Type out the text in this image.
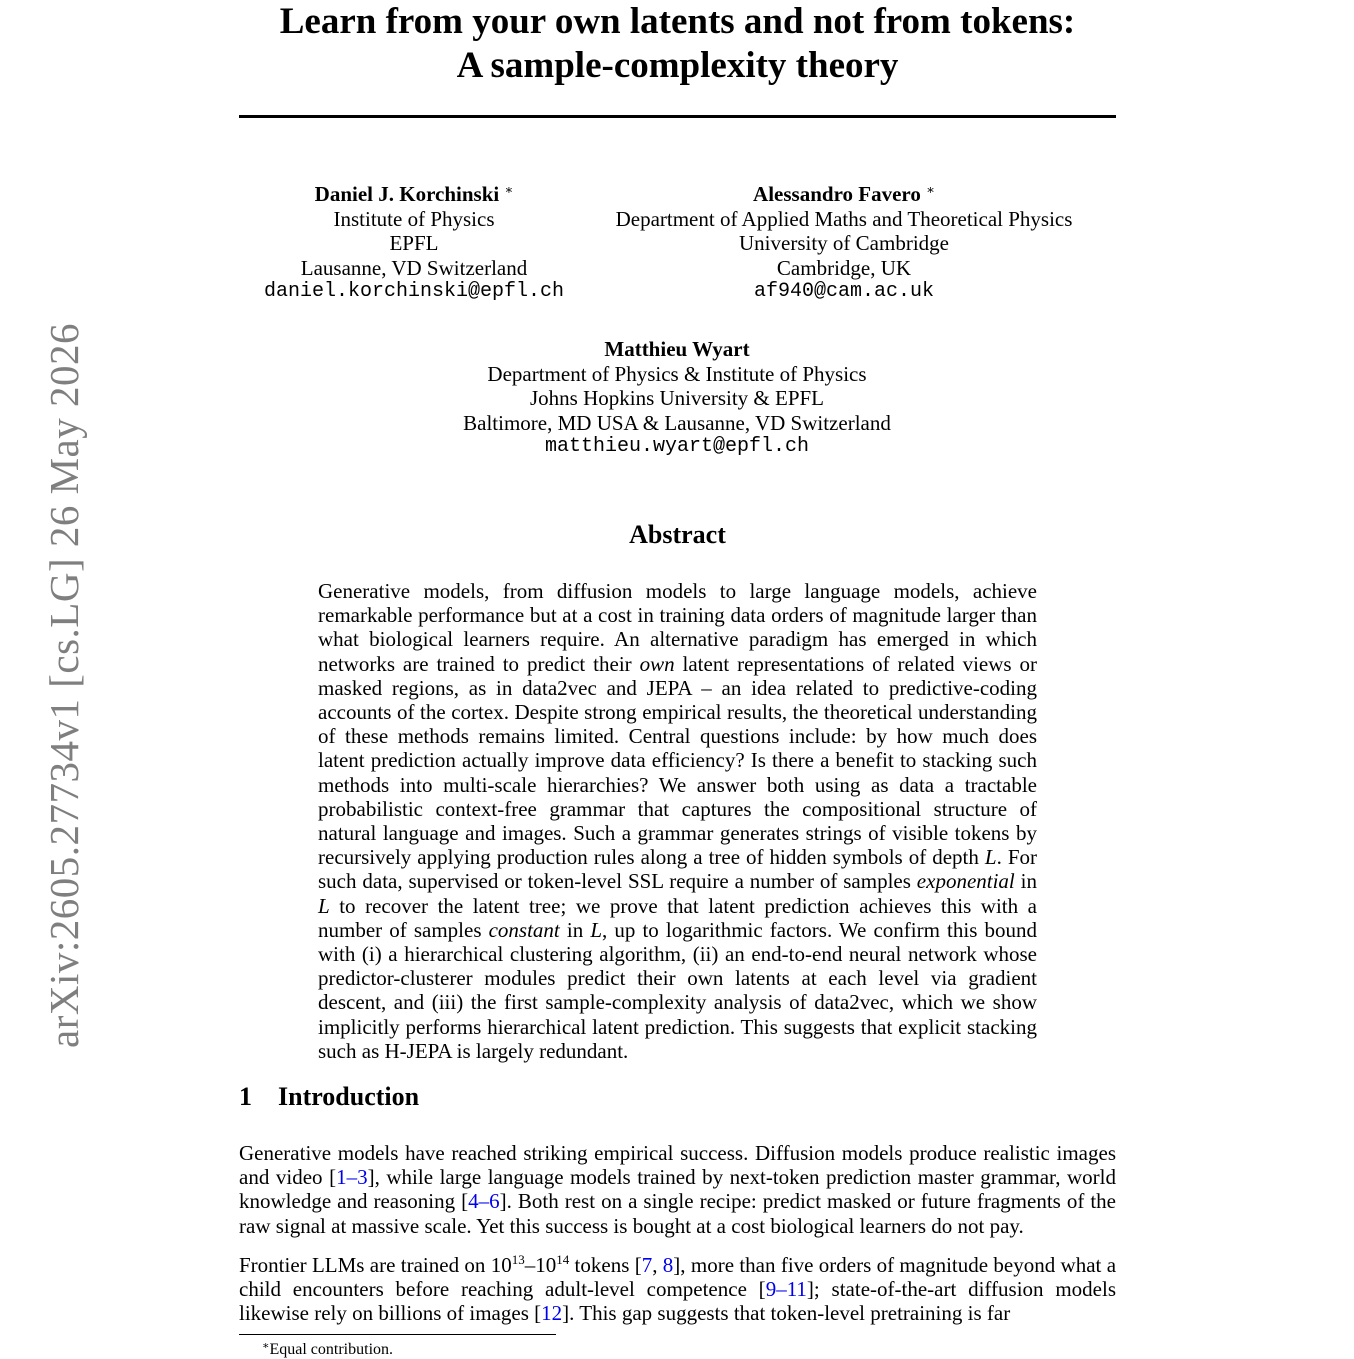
arXiv:2605.27734v1 [cs.LG] 26 May 2026
Learn from your own latents and not from tokens:
A sample-complexity theory
Daniel J. Korchinski ∗
Institute of Physics
EPFL
Lausanne, VD Switzerland
daniel.korchinski@epfl.ch
Alessandro Favero ∗
Department of Applied Maths and Theoretical Physics
University of Cambridge
Cambridge, UK
af940@cam.ac.uk
Matthieu Wyart
Department of Physics & Institute of Physics
Johns Hopkins University & EPFL
Baltimore, MD USA & Lausanne, VD Switzerland
matthieu.wyart@epfl.ch
Abstract
Generative models, from diffusion models to large language models, achieve remarkable performance but at a cost in training data orders of magnitude larger than what biological learners require. An alternative paradigm has emerged in which networks are trained to predict their own latent representations of related views or masked regions, as in data2vec and JEPA – an idea related to predictive-coding accounts of the cortex. Despite strong empirical results, the theoretical understanding of these methods remains limited. Central questions include: by how much does latent prediction actually improve data efficiency? Is there a benefit to stacking such methods into multi-scale hierarchies? We answer both using as data a tractable probabilistic context-free grammar that captures the compositional structure of natural language and images. Such a grammar generates strings of visible tokens by recursively applying production rules along a tree of hidden symbols of depth L. For such data, supervised or token-level SSL require a number of samples exponential in L to recover the latent tree; we prove that latent prediction achieves this with a number of samples constant in L, up to logarithmic factors. We confirm this bound with (i) a hierarchical clustering algorithm, (ii) an end-to-end neural network whose predictor-clusterer modules predict their own latents at each level via gradient descent, and (iii) the first sample-complexity analysis of data2vec, which we show implicitly performs hierarchical latent prediction. This suggests that explicit stacking such as H-JEPA is largely redundant.
1 Introduction
Generative models have reached striking empirical success. Diffusion models produce realistic images and video [1–3], while large language models trained by next-token prediction master grammar, world knowledge and reasoning [4–6]. Both rest on a single recipe: predict masked or future fragments of the raw signal at massive scale. Yet this success is bought at a cost biological learners do not pay.
Frontier LLMs are trained on $10^{13}-10^{14}$ tokens [7, 8], more than five orders of magnitude beyond what a child encounters before reaching adult-level competence [9–11]; state-of-the-art diffusion models likewise rely on billions of images [12]. This gap suggests that token-level pretraining is far
∗Equal contribution.
